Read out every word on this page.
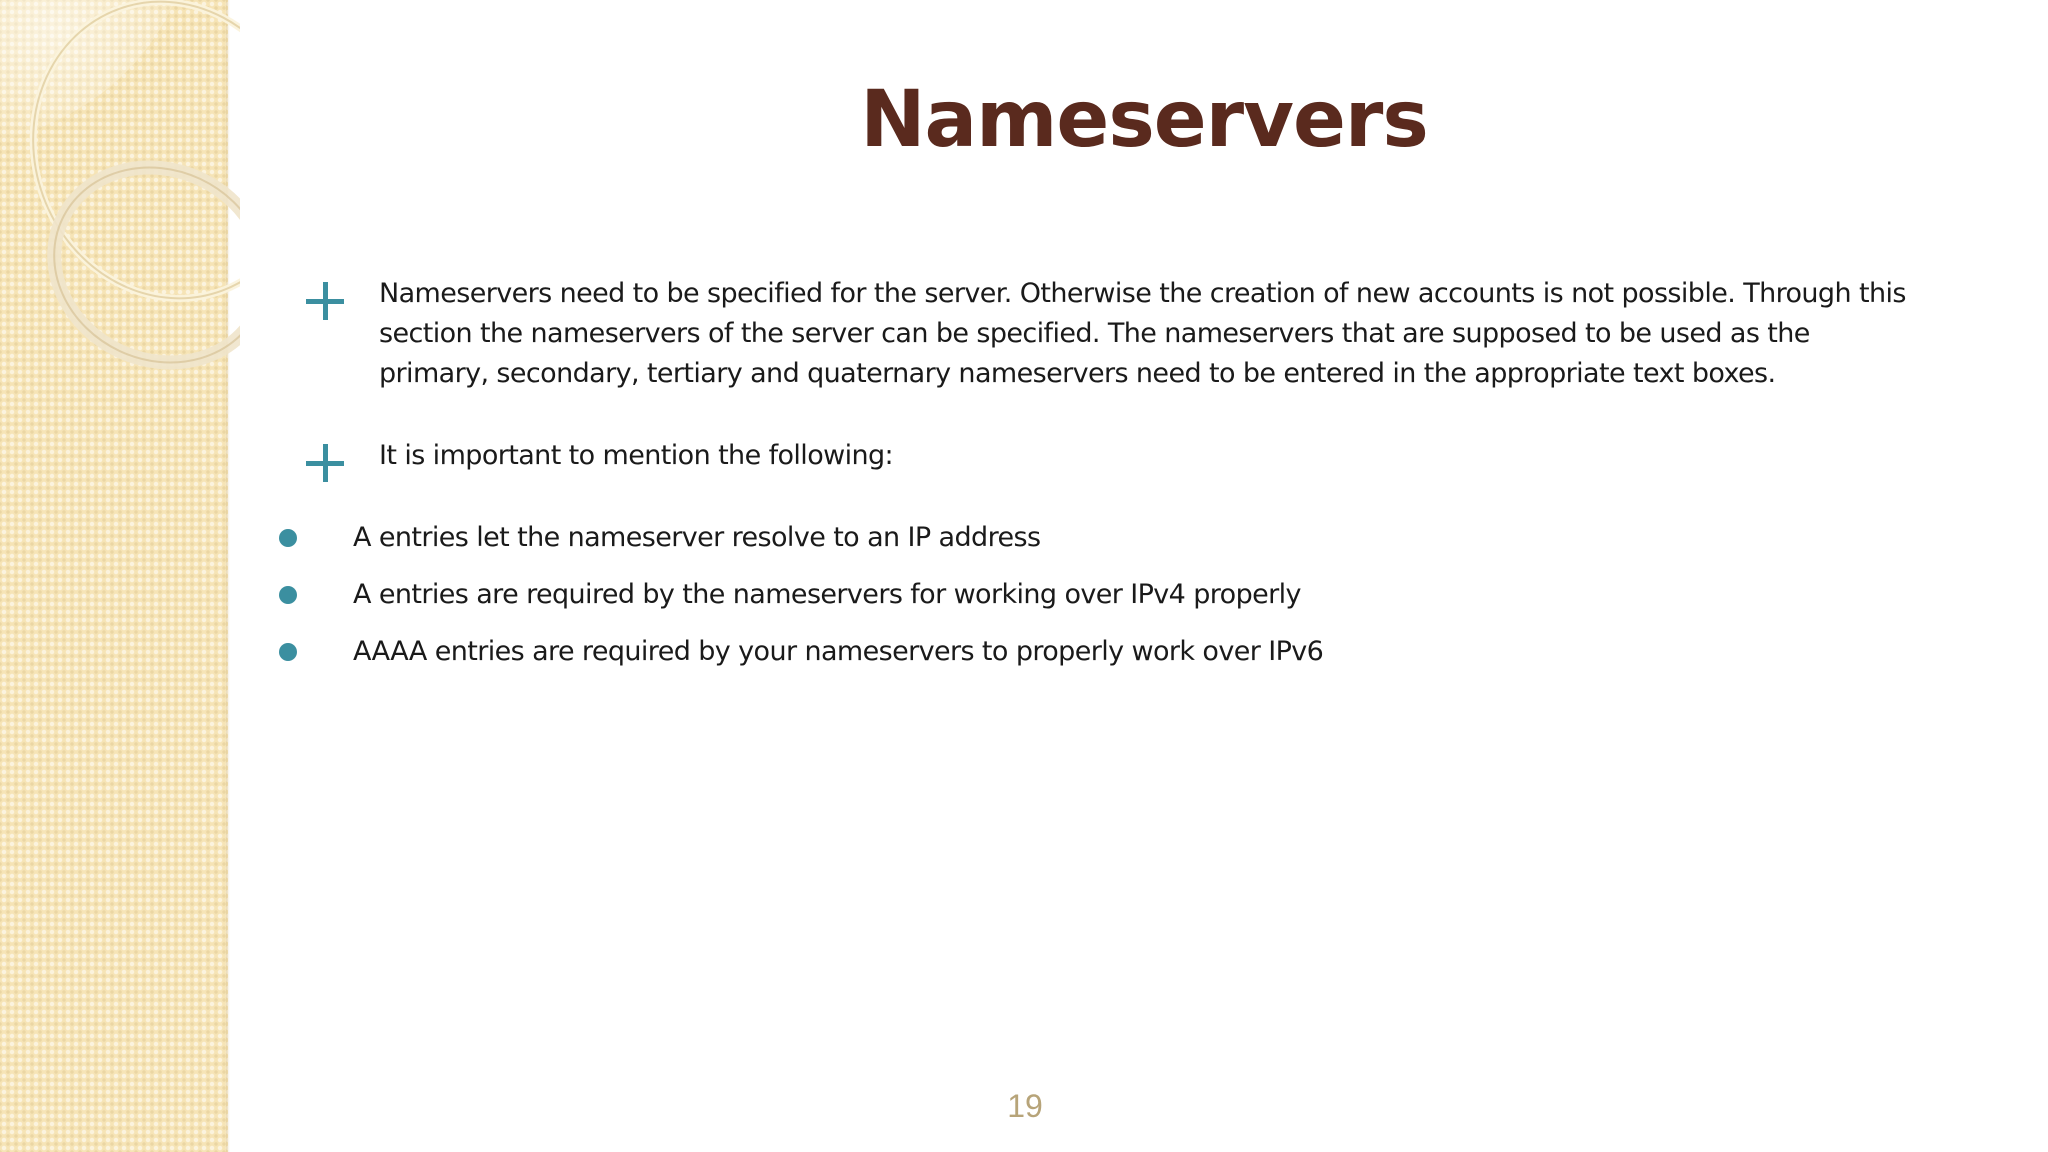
Nameservers
Nameservers need to be specified for the server. Otherwise the creation of new accounts is not possible. Through this section the nameservers of the server can be specified. The nameservers that are supposed to be used as the primary, secondary, tertiary and quaternary nameservers need to be entered in the appropriate text boxes.
It is important to mention the following:
A entries let the nameserver resolve to an IP address
A entries are required by the nameservers for working over IPv4 properly
AAAA entries are required by your nameservers to properly work over IPv6
19
